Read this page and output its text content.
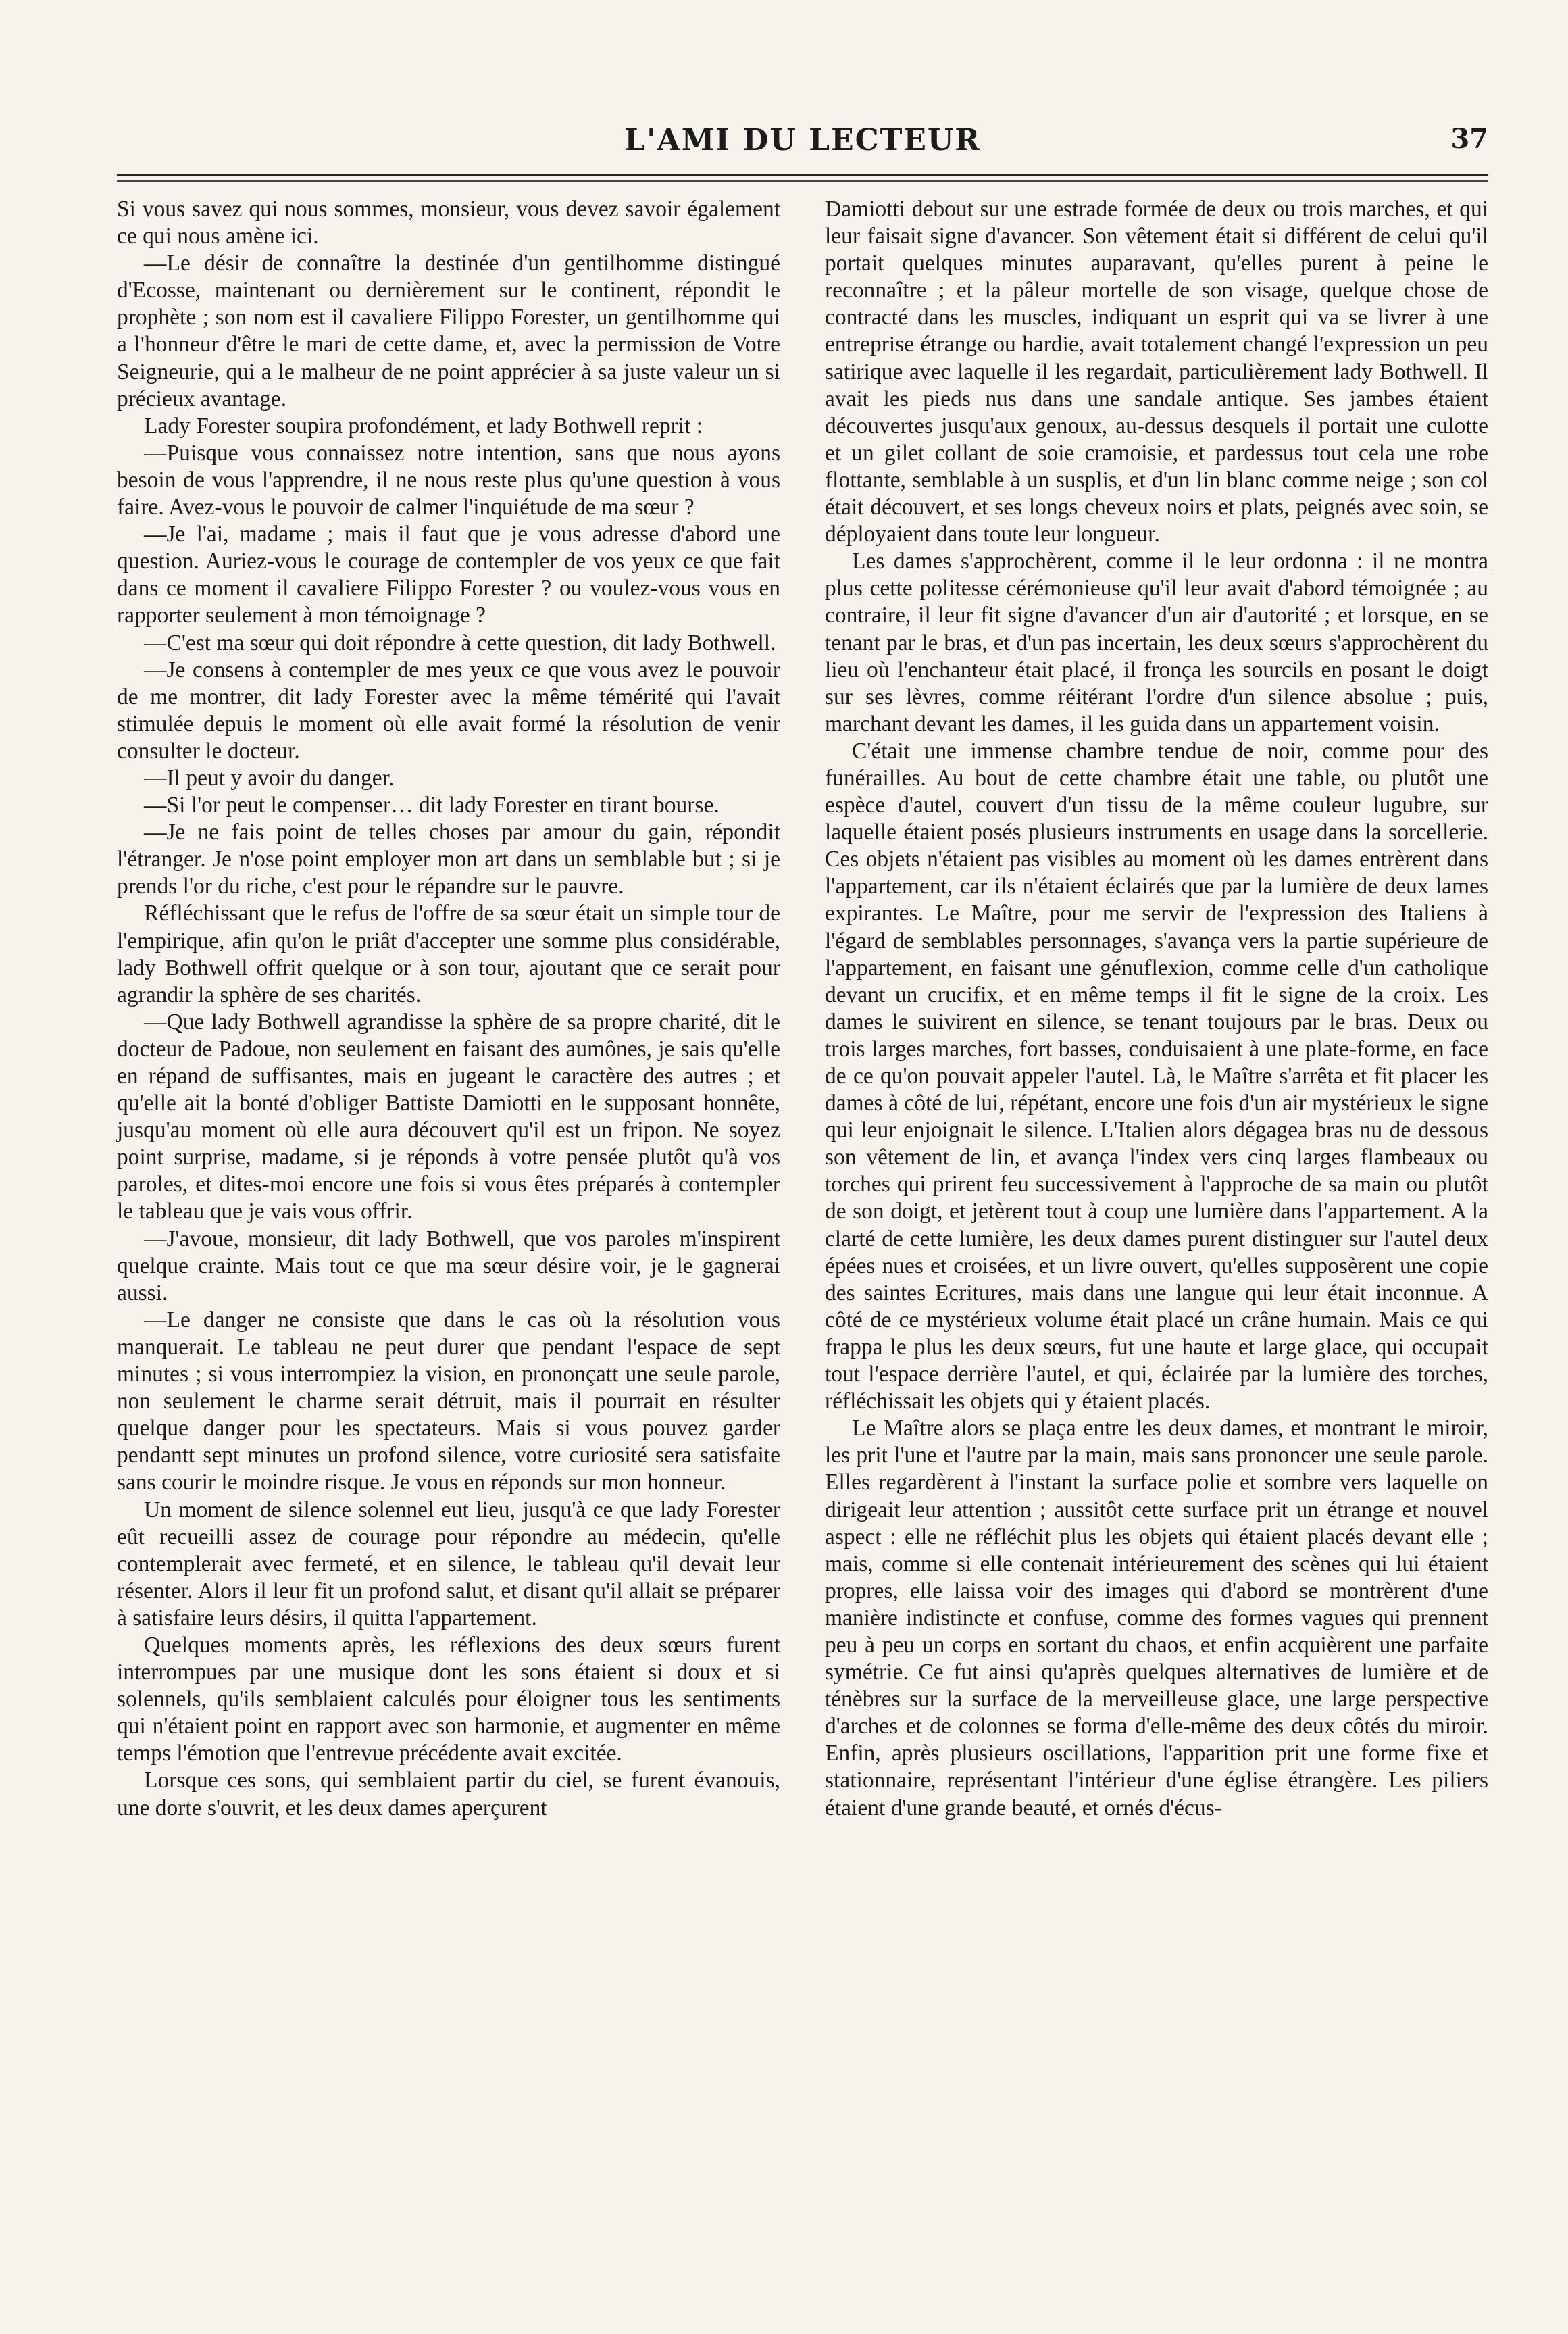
L'AMI DU LECTEUR	37

Si vous savez qui nous sommes, monsieur, vous devez savoir également ce qui nous amène ici.

—Le désir de connaître la destinée d'un gentilhomme distingué d'Ecosse, maintenant ou dernièrement sur le continent, répondit le prophète ; son nom est il cavaliere Filippo Forester, un gentilhomme qui a l'honneur d'être le mari de cette dame, et, avec la permission de Votre Seigneurie, qui a le malheur de ne point apprécier à sa juste valeur un si précieux avantage.

Lady Forester soupira profondément, et lady Bothwell reprit :

—Puisque vous connaissez notre intention, sans que nous ayons besoin de vous l'apprendre, il ne nous reste plus qu'une question à vous faire. Avez-vous le pouvoir de calmer l'inquiétude de ma sœur ?

—Je l'ai, madame ; mais il faut que je vous adresse d'abord une question. Auriez-vous le courage de contempler de vos yeux ce que fait dans ce moment il cavaliere Filippo Forester ? ou voulez-vous vous en rapporter seulement à mon témoignage ?

—C'est ma sœur qui doit répondre à cette question, dit lady Bothwell.

—Je consens à contempler de mes yeux ce que vous avez le pouvoir de me montrer, dit lady Forester avec la même témérité qui l'avait stimulée depuis le moment où elle avait formé la résolution de venir consulter le docteur.

—Il peut y avoir du danger.

—Si l'or peut le compenser… dit lady Forester en tirant bourse.

—Je ne fais point de telles choses par amour du gain, répondit l'étranger. Je n'ose point employer mon art dans un semblable but ; si je prends l'or du riche, c'est pour le répandre sur le pauvre.

Réfléchissant que le refus de l'offre de sa sœur était un simple tour de l'empirique, afin qu'on le priât d'accepter une somme plus considérable, lady Bothwell offrit quelque or à son tour, ajoutant que ce serait pour agrandir la sphère de ses charités.

—Que lady Bothwell agrandisse la sphère de sa propre charité, dit le docteur de Padoue, non seulement en faisant des aumônes, je sais qu'elle en répand de suffisantes, mais en jugeant le caractère des autres ; et qu'elle ait la bonté d'obliger Battiste Damiotti en le supposant honnête, jusqu'au moment où elle aura découvert qu'il est un fripon. Ne soyez point surprise, madame, si je réponds à votre pensée plutôt qu'à vos paroles, et dites-moi encore une fois si vous êtes préparés à contempler le tableau que je vais vous offrir.

—J'avoue, monsieur, dit lady Bothwell, que vos paroles m'inspirent quelque crainte. Mais tout ce que ma sœur désire voir, je le gagnerai aussi.

—Le danger ne consiste que dans le cas où la résolution vous manquerait. Le tableau ne peut durer que pendant l'espace de sept minutes ; si vous interrompiez la vision, en prononçatt une seule parole, non seulement le charme serait détruit, mais il pourrait en résulter quelque danger pour les spectateurs. Mais si vous pouvez garder pendantt sept minutes un profond silence, votre curiosité sera satisfaite sans courir le moindre risque. Je vous en réponds sur mon honneur.

Un moment de silence solennel eut lieu, jusqu'à ce que lady Forester eût recueilli assez de courage pour répondre au médecin, qu'elle contemplerait avec fermeté, et en silence, le tableau qu'il devait leur résenter. Alors il leur fit un profond salut, et disant qu'il allait se préparer à satisfaire leurs désirs, il quitta l'appartement.

Quelques moments après, les réflexions des deux sœurs furent interrompues par une musique dont les sons étaient si doux et si solennels, qu'ils semblaient calculés pour éloigner tous les sentiments qui n'étaient point en rapport avec son harmonie, et augmenter en même temps l'émotion que l'entrevue précédente avait excitée.

Lorsque ces sons, qui semblaient partir du ciel, se furent évanouis, une dorte s'ouvrit, et les deux dames aperçurent

Damiotti debout sur une estrade formée de deux ou trois marches, et qui leur faisait signe d'avancer. Son vêtement était si différent de celui qu'il portait quelques minutes auparavant, qu'elles purent à peine le reconnaître ; et la pâleur mortelle de son visage, quelque chose de contracté dans les muscles, indiquant un esprit qui va se livrer à une entreprise étrange ou hardie, avait totalement changé l'expression un peu satirique avec laquelle il les regardait, particulièrement lady Bothwell. Il avait les pieds nus dans une sandale antique. Ses jambes étaient découvertes jusqu'aux genoux, au-dessus desquels il portait une culotte et un gilet collant de soie cramoisie, et pardessus tout cela une robe flottante, semblable à un susplis, et d'un lin blanc comme neige ; son col était découvert, et ses longs cheveux noirs et plats, peignés avec soin, se déployaient dans toute leur longueur.

Les dames s'approchèrent, comme il le leur ordonna : il ne montra plus cette politesse cérémonieuse qu'il leur avait d'abord témoignée ; au contraire, il leur fit signe d'avancer d'un air d'autorité ; et lorsque, en se tenant par le bras, et d'un pas incertain, les deux sœurs s'approchèrent du lieu où l'enchanteur était placé, il fronça les sourcils en posant le doigt sur ses lèvres, comme réitérant l'ordre d'un silence absolue ; puis, marchant devant les dames, il les guida dans un appartement voisin.

C'était une immense chambre tendue de noir, comme pour des funérailles. Au bout de cette chambre était une table, ou plutôt une espèce d'autel, couvert d'un tissu de la même couleur lugubre, sur laquelle étaient posés plusieurs instruments en usage dans la sorcellerie. Ces objets n'étaient pas visibles au moment où les dames entrèrent dans l'appartement, car ils n'étaient éclairés que par la lumière de deux lames expirantes. Le Maître, pour me servir de l'expression des Italiens à l'égard de semblables personnages, s'avança vers la partie supérieure de l'appartement, en faisant une génuflexion, comme celle d'un catholique devant un crucifix, et en même temps il fit le signe de la croix. Les dames le suivirent en silence, se tenant toujours par le bras. Deux ou trois larges marches, fort basses, conduisaient à une plate-forme, en face de ce qu'on pouvait appeler l'autel. Là, le Maître s'arrêta et fit placer les dames à côté de lui, répétant, encore une fois d'un air mystérieux le signe qui leur enjoignait le silence. L'Italien alors dégagea bras nu de dessous son vêtement de lin, et avança l'index vers cinq larges flambeaux ou torches qui prirent feu successivement à l'approche de sa main ou plutôt de son doigt, et jetèrent tout à coup une lumière dans l'appartement. A la clarté de cette lumière, les deux dames purent distinguer sur l'autel deux épées nues et croisées, et un livre ouvert, qu'elles supposèrent une copie des saintes Ecritures, mais dans une langue qui leur était inconnue. A côté de ce mystérieux volume était placé un crâne humain. Mais ce qui frappa le plus les deux sœurs, fut une haute et large glace, qui occupait tout l'espace derrière l'autel, et qui, éclairée par la lumière des torches, réfléchissait les objets qui y étaient placés.

Le Maître alors se plaça entre les deux dames, et montrant le miroir, les prit l'une et l'autre par la main, mais sans prononcer une seule parole. Elles regardèrent à l'instant la surface polie et sombre vers laquelle on dirigeait leur attention ; aussitôt cette surface prit un étrange et nouvel aspect : elle ne réfléchit plus les objets qui étaient placés devant elle ; mais, comme si elle contenait intérieurement des scènes qui lui étaient propres, elle laissa voir des images qui d'abord se montrèrent d'une manière indistincte et confuse, comme des formes vagues qui prennent peu à peu un corps en sortant du chaos, et enfin acquièrent une parfaite symétrie. Ce fut ainsi qu'après quelques alternatives de lumière et de ténèbres sur la surface de la merveilleuse glace, une large perspective d'arches et de colonnes se forma d'elle-même des deux côtés du miroir. Enfin, après plusieurs oscillations, l'apparition prit une forme fixe et stationnaire, représentant l'intérieur d'une église étrangère. Les piliers étaient d'une grande beauté, et ornés d'écus-
